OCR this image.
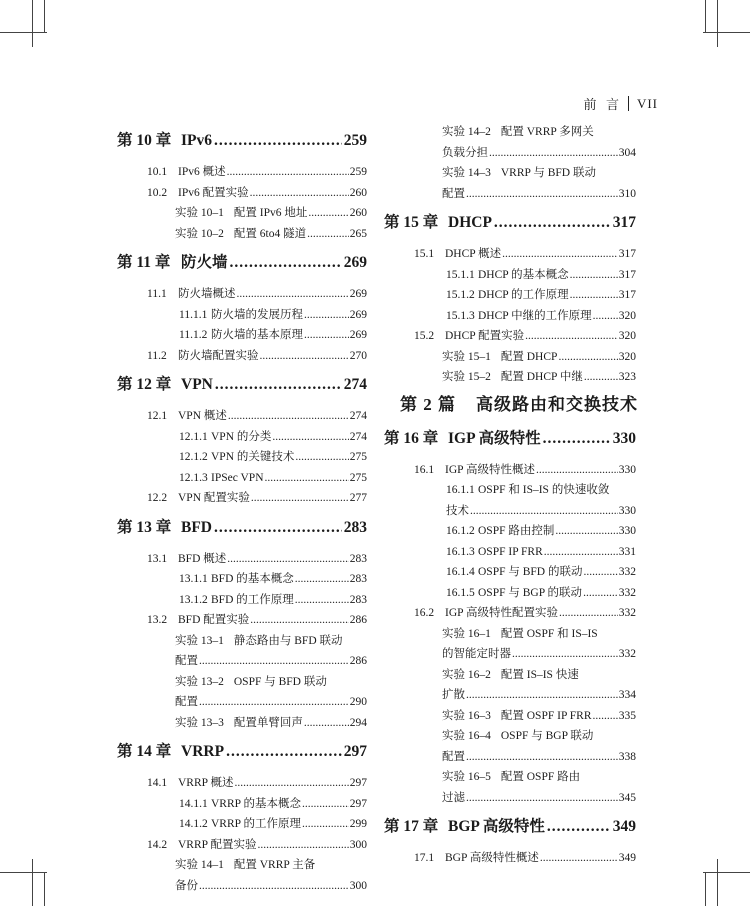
前  言 VII
第 10 章 IPv6 .....	259
10.1 IPv6 概述 .....	259
10.2 IPv6 配置实验 .....	260
实验 10–1 配置 IPv6 地址 .....	260
实验 10–2 配置 6to4 隧道 .....	265
第 11 章 防火墙 .....	269
11.1 防火墙概述 .....	269
11.1.1 防火墙的发展历程 .....	269
11.1.2 防火墙的基本原理 .....	269
11.2 防火墙配置实验 .....	270
第 12 章 VPN .....	274
12.1 VPN 概述 .....	274
12.1.1 VPN 的分类 .....	274
12.1.2 VPN 的关键技术 .....	275
12.1.3 IPSec VPN .....	275
12.2 VPN 配置实验 .....	277
第 13 章 BFD .....	283
13.1 BFD 概述 .....	283
13.1.1 BFD 的基本概念 .....	283
13.1.2 BFD 的工作原理 .....	283
13.2 BFD 配置实验 .....	286
实验 13–1 静态路由与 BFD 联动
配置 .....	286
实验 13–2 OSPF 与 BFD 联动
配置 .....	290
实验 13–3 配置单臂回声 .....	294
第 14 章 VRRP .....	297
14.1 VRRP 概述 .....	297
14.1.1 VRRP 的基本概念 .....	297
14.1.2 VRRP 的工作原理 .....	299
14.2 VRRP 配置实验 .....	300
实验 14–1 配置 VRRP 主备
备份 .....	300
实验 14–2 配置 VRRP 多网关
负载分担 .....	304
实验 14–3 VRRP 与 BFD 联动
配置 .....	310
第 15 章 DHCP .....	317
15.1 DHCP 概述 .....	317
15.1.1 DHCP 的基本概念 .....	317
15.1.2 DHCP 的工作原理 .....	317
15.1.3 DHCP 中继的工作原理 ..... 320
15.2 DHCP 配置实验 .....	320
实验 15–1 配置 DHCP .....	320
实验 15–2 配置 DHCP 中继 .....	323
第 2 篇 高级路由和交换技术
第 16 章 IGP 高级特性 .....	330
16.1 IGP 高级特性概述 .....	330
16.1.1 OSPF 和 IS–IS 的快速收敛
技术 .....	330
16.1.2 OSPF 路由控制 .....	330
16.1.3 OSPF IP FRR .....	331
16.1.4 OSPF 与 BFD 的联动 .....	332
16.1.5 OSPF 与 BGP 的联动 .....	332
16.2 IGP 高级特性配置实验 .....	332
实验 16–1 配置 OSPF 和 IS–IS
的智能定时器 .....	332
实验 16–2 配置 IS–IS 快速
扩散 .....	334
实验 16–3 配置 OSPF IP FRR ..... 335
实验 16–4 OSPF 与 BGP 联动
配置 .....	338
实验 16–5 配置 OSPF 路由
过滤 .....	345
第 17 章 BGP 高级特性 .....	349
17.1 BGP 高级特性概述 .....	349
